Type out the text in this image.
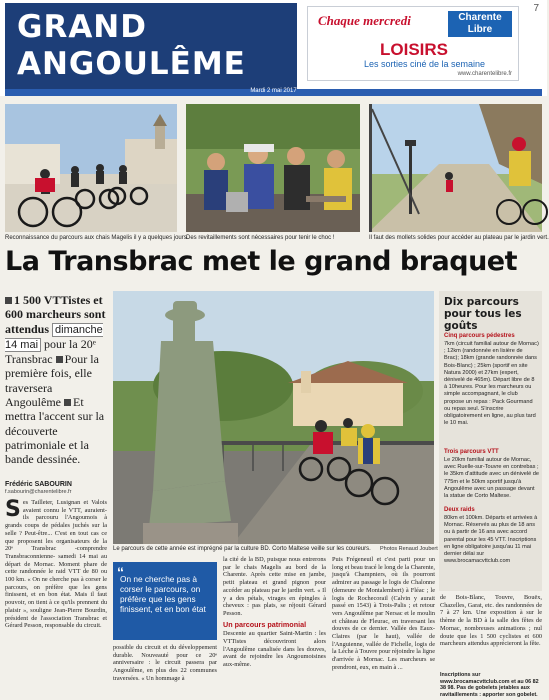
GRAND
ANGOULÊME
7
Chaque mercredi	Charente Libre
LOISIRS
Les sorties ciné de la semaine
www.charentelibre.fr
Mardi 2 mai 2017
Reconnaissance du parcours aux chais Magelis il y a quelques jours.
Des revitaillements sont nécessaires pour tenir le choc !	Il faut des mollets solides pour accéder au plateau par le jardin vert.
La Transbrac met le grand braquet
1 500 VTTistes et 600 marcheurs sont attendus dimanche 14 mai pour la 20ᵉ Transbrac Pour la première fois, elle traversera Angoulême Et mettra l'accent sur la découverte patrimoniale et la bande dessinée.
Frédéric SABOURIN
f.sabourin@charentelibre.fr
Le parcours de cette année est imprégné par la culture BD. Corto Maltese veille sur les coureurs. Photos Renaud Joubert
Dix parcours pour tous les goûts
Cinq parcours pédestres
7km (circuit familial autour de Mornac) ; 12km (randonnée en lisière de Brac); 18km (grande randonnée dans Bois-Blanc) ; 25km (sportif en site Natura 2000) et 27km (expert, dénivelé de 465m). Départ libre de 8 à 10heures. Pour les marcheurs ou simple accompagnant, le club propose un repas : Pack Gourmand ou repas seul. S'inscrire obligatoirement en ligne, au plus tard le 10 mai.
Trois parcours VTT
Le 20km familial autour de Mornac, avec Ruelle-sur-Touvre en contrebas ; le 35km d'attitude avec un dénivelé de 775m et le 50km sportif jusqu'à Angoulême avec un passage devant la statue de Corto Maltese.
Deux raids
80km et 100km. Départs et arrivées à Mornac. Réservés au plus de 18 ans ou à partir de 16 ans avec accord parental pour les 45 VTT. Inscriptions en ligne obligatoire jusqu'au 11 mai dernier délai sur www.brocamacvttclub.com
Ses Tailleter, Lusignan et Valois avaient connu le VTT, auraient-ils parcouru l'Angoumois à grands coups de pédales juchés sur la selle ? Peut-être... C'est en tout cas ce que proposent les organisateurs de la 20ᵉ Transbrac -comprendre Transbraconnienne- samedi 14 mai au départ de Mornac. Moment phare de cette randonnée le raid VTT de 80 ou 100 km. « On ne cherche pas à corser le parcours, on préfère que les gens finissent, et en bon état. Mais il faut pouvoir, on tient à ce qu'ils prennent du plaisir », souligne Jean-Pierre Bourdin, président de l'association Transbrac et Gérard Pesson, responsable du circuit.
possible du circuit et du développement durable. Nouveauté pour ce 20ᵉ anniversaire : le circuit passera par Angoulême, en plus des 22 communes traversées. « Un hommage à
“
On ne cherche pas à corser le parcours, on préfère que les gens finissent, et en bon état
la cité de la BD, puisque nous entrerons par le chais Magelis au bord de la Charente. Après cette mise en jambe, petit plateau et grand pignon pour accéder au plateau par le jardin vert. « Il y a des pétals, virages en épingles à cheveux : pas plats, se réjouit Gérard Pesson.
Un parcours patrimonial
Descente au quartier Saint-Martin : les VTTistes découvriront alors l'Angoulême canalisée dans les douves, avant de rejoindre les Angoumoisines aux-même.
Puis Frégeneuil et c'est parti pour un long et beau tracé le long de la Charente, jusqu'à Champniers, où ils pourront admirer au passage le logis de Chalonne (demeure de Montalembert) à Fléac ; le logis de Rochecorail (Calvin y aurait passé en 1543) à Trois-Palis ; et retour vers Angoulême par Nersac et le moulin et château de Fleurac, en traversant les douves de ce dernier. Vallée des Eaux-Claires (par le haut), vallée de l'Anguienne, vallée de Fichelle, logis de la Léche à Touvre pour réjoindre la ligne d'arrivée à Mornac. Les marcheurs se prendront, eux, en main à ...
de Bois-Blanc, Touvre, Bouëx, Chazelles, Garat, etc. des randonnées de 7 à 27 km. Une exposition à sur le thème de la BD à la salle des fêtes de Mornac, nombreuses animations ; nul doute que les 1 500 cyclistes et 600 marcheurs attendus apprécieront la fête.
Inscriptions sur www.brocamacvttclub.com et au 06 82 38 98. Pas de gobelets jetables aux ravitaillements : apporter son gobelet.
